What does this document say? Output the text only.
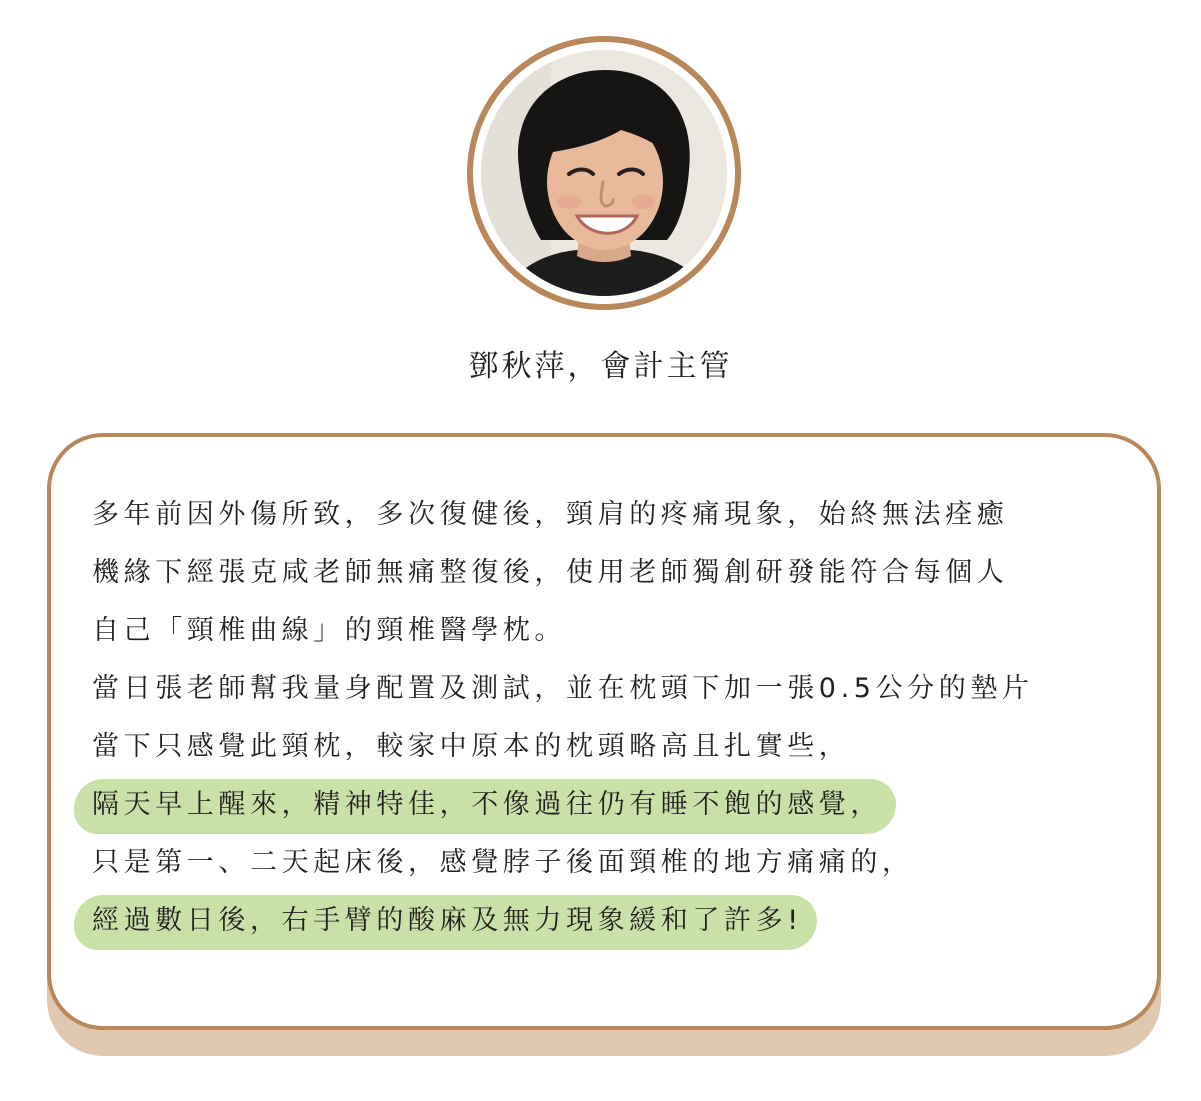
鄧秋萍，會計主管
多年前因外傷所致，多次復健後，頸肩的疼痛現象，始終無法痊癒
機緣下經張克咸老師無痛整復後，使用老師獨創研發能符合每個人
自己「頸椎曲線」的頸椎醫學枕。
當日張老師幫我量身配置及測試，並在枕頭下加一張0.5公分的墊片
當下只感覺此頸枕，較家中原本的枕頭略高且扎實些，
隔天早上醒來，精神特佳，不像過往仍有睡不飽的感覺，
只是第一、二天起床後，感覺脖子後面頸椎的地方痛痛的，
經過數日後，右手臂的酸麻及無力現象緩和了許多!
